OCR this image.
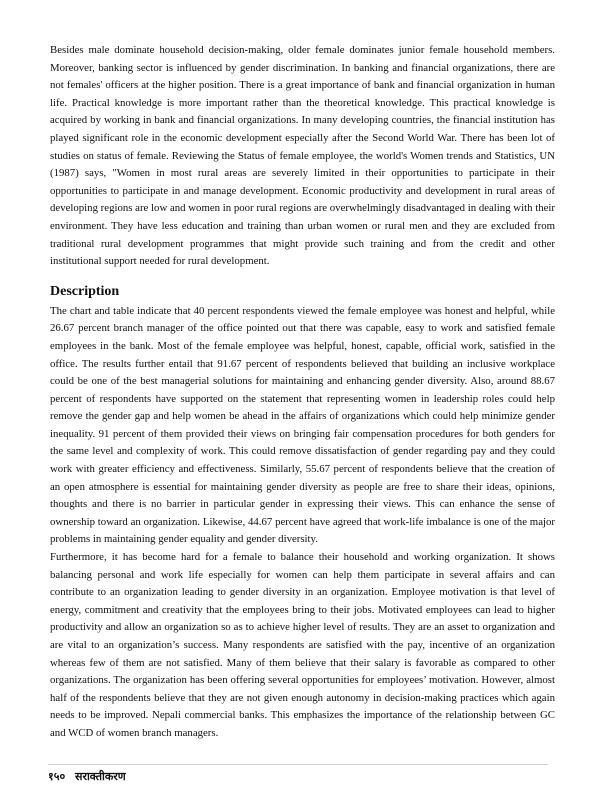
Besides male dominate household decision-making, older female dominates junior female household members. Moreover, banking sector is influenced by gender discrimination. In banking and financial organizations, there are not females' officers at the higher position. There is a great importance of bank and financial organization in human life. Practical knowledge is more important rather than the theoretical knowledge. This practical knowledge is acquired by working in bank and financial organizations. In many developing countries, the financial institution has played significant role in the economic development especially after the Second World War. There has been lot of studies on status of female. Reviewing the Status of female employee, the world's Women trends and Statistics, UN (1987) says, "Women in most rural areas are severely limited in their opportunities to participate in their opportunities to participate in and manage development. Economic productivity and development in rural areas of developing regions are low and women in poor rural regions are overwhelmingly disadvantaged in dealing with their environment. They have less education and training than urban women or rural men and they are excluded from traditional rural development programmes that might provide such training and from the credit and other institutional support needed for rural development.

Description

The chart and table indicate that 40 percent respondents viewed the female employee was honest and helpful, while 26.67 percent branch manager of the office pointed out that there was capable, easy to work and satisfied female employees in the bank. Most of the female employee was helpful, honest, capable, official work, satisfied in the office. The results further entail that 91.67 percent of respondents believed that building an inclusive workplace could be one of the best managerial solutions for maintaining and enhancing gender diversity. Also, around 88.67 percent of respondents have supported on the statement that representing women in leadership roles could help remove the gender gap and help women be ahead in the affairs of organizations which could help minimize gender inequality. 91 percent of them provided their views on bringing fair compensation procedures for both genders for the same level and complexity of work. This could remove dissatisfaction of gender regarding pay and they could work with greater efficiency and effectiveness. Similarly, 55.67 percent of respondents believe that the creation of an open atmosphere is essential for maintaining gender diversity as people are free to share their ideas, opinions, thoughts and there is no barrier in particular gender in expressing their views. This can enhance the sense of ownership toward an organization. Likewise, 44.67 percent have agreed that work-life imbalance is one of the major problems in maintaining gender equality and gender diversity.

Furthermore, it has become hard for a female to balance their household and working organization. It shows balancing personal and work life especially for women can help them participate in several affairs and can contribute to an organization leading to gender diversity in an organization. Employee motivation is that level of energy, commitment and creativity that the employees bring to their jobs. Motivated employees can lead to higher productivity and allow an organization so as to achieve higher level of results. They are an asset to organization and are vital to an organization’s success. Many respondents are satisfied with the pay, incentive of an organization whereas few of them are not satisfied. Many of them believe that their salary is favorable as compared to other organizations. The organization has been offering several opportunities for employees’ motivation. However, almost half of the respondents believe that they are not given enough autonomy in decision-making practices which again needs to be improved. Nepali commercial banks. This emphasizes the importance of the relationship between GC and WCD of women branch managers.

१५० सराक्तीकरण
